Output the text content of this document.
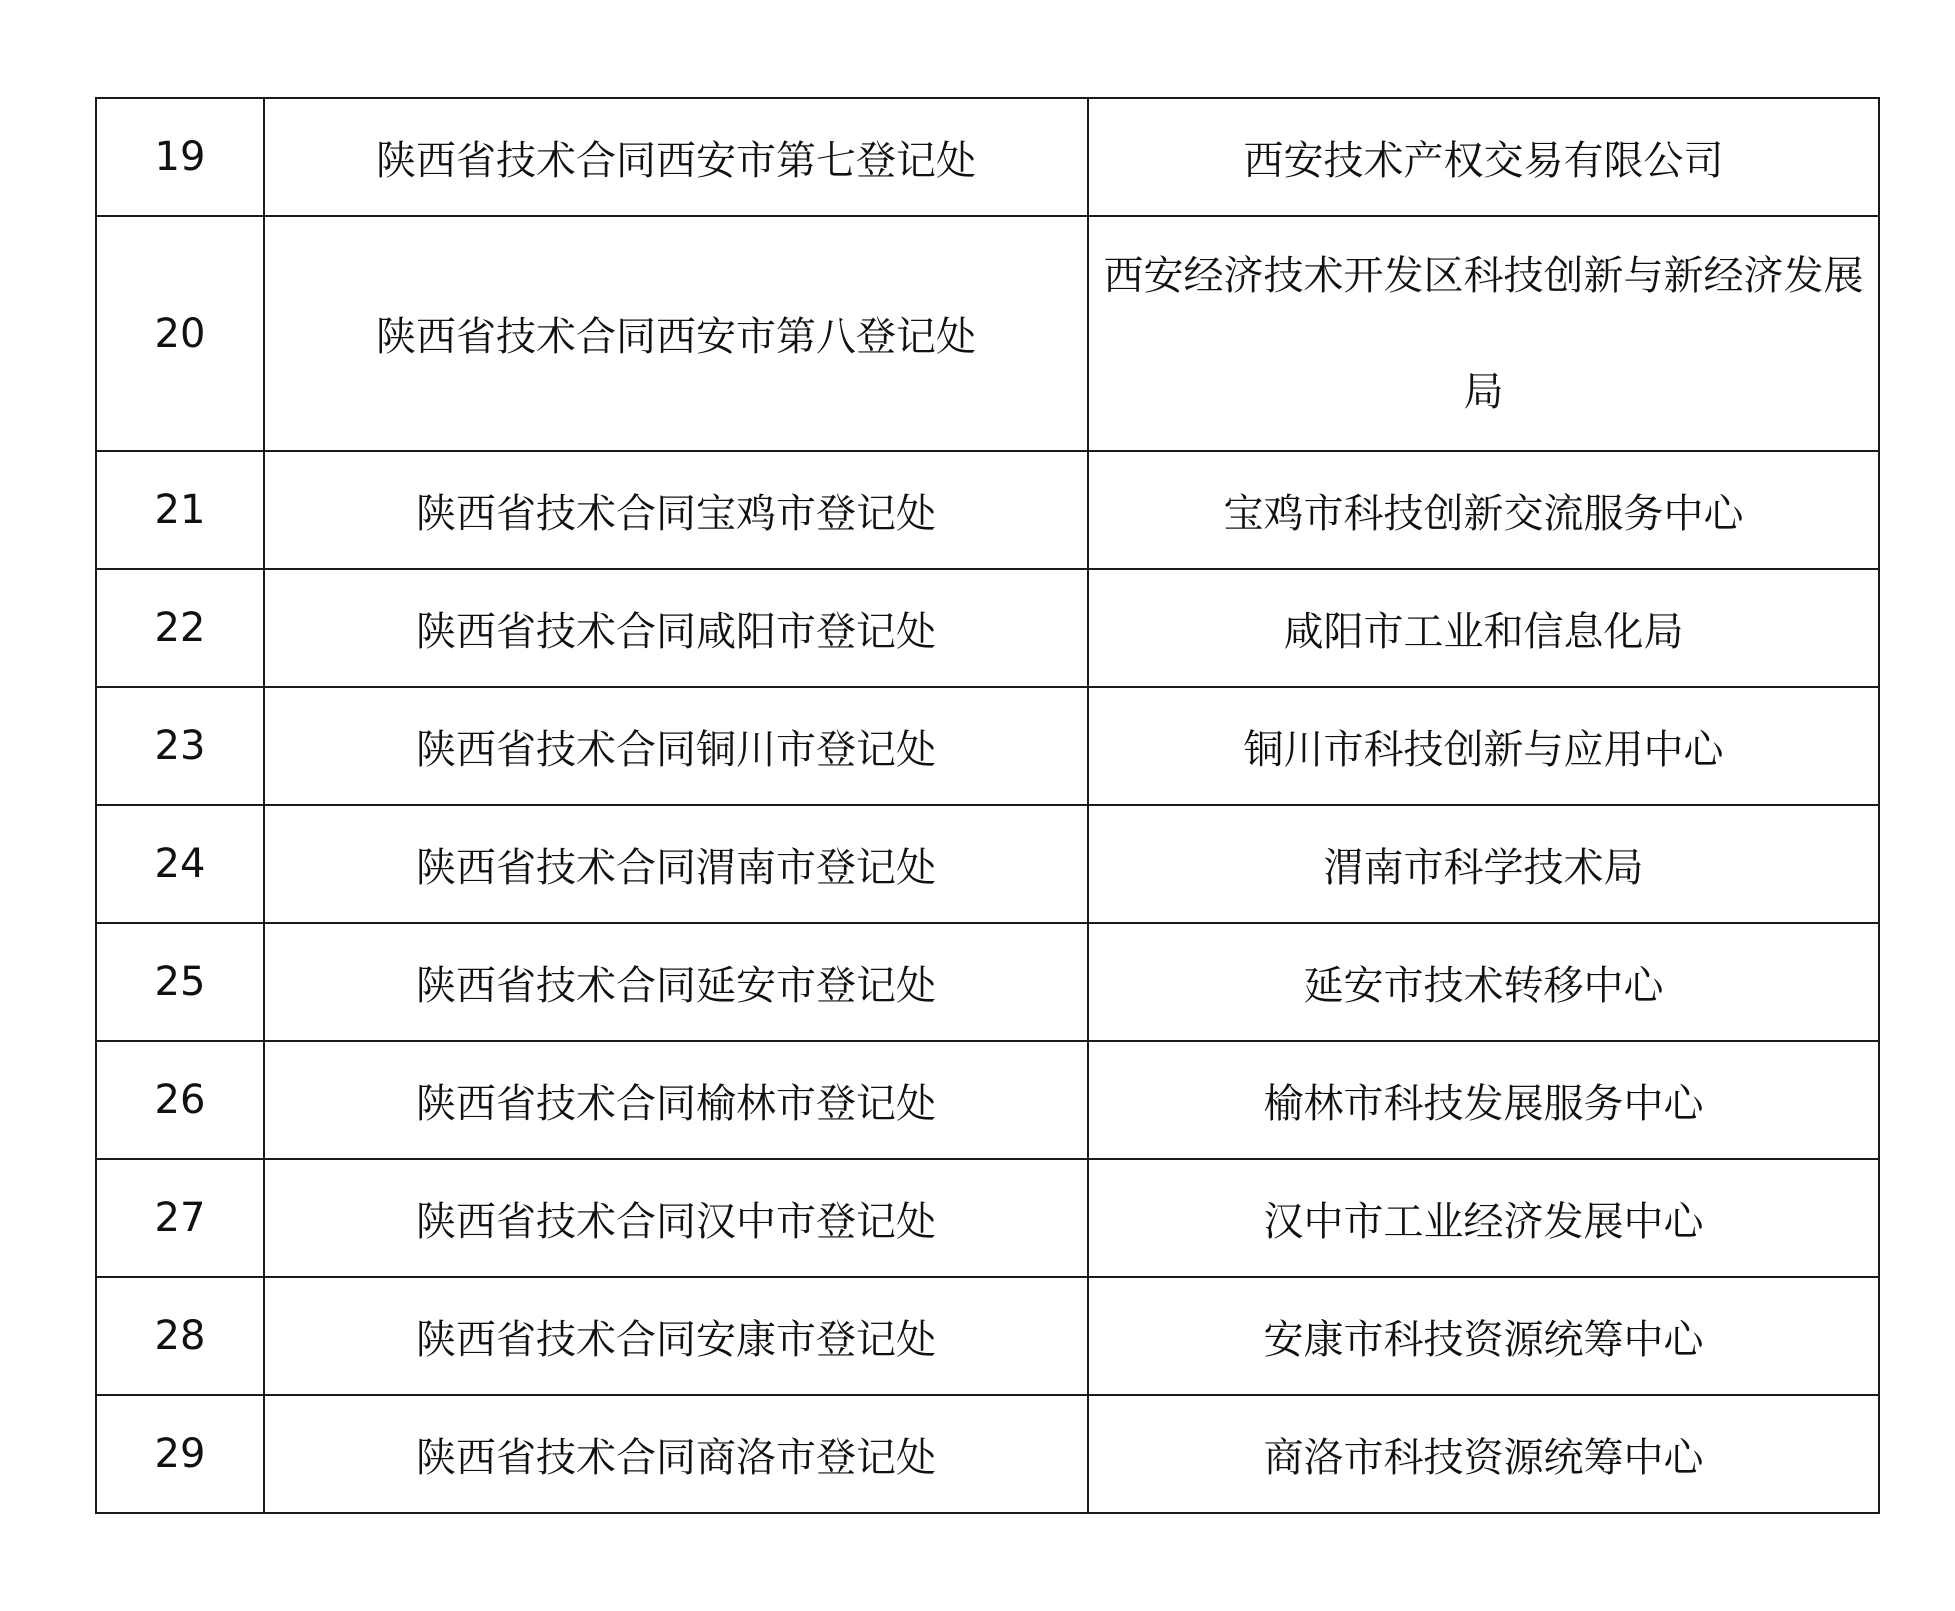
19	陕西省技术合同西安市第七登记处	西安技术产权交易有限公司
20	陕西省技术合同西安市第八登记处	西安经济技术开发区科技创新与新经济发展局
21	陕西省技术合同宝鸡市登记处	宝鸡市科技创新交流服务中心
22	陕西省技术合同咸阳市登记处	咸阳市工业和信息化局
23	陕西省技术合同铜川市登记处	铜川市科技创新与应用中心
24	陕西省技术合同渭南市登记处	渭南市科学技术局
25	陕西省技术合同延安市登记处	延安市技术转移中心
26	陕西省技术合同榆林市登记处	榆林市科技发展服务中心
27	陕西省技术合同汉中市登记处	汉中市工业经济发展中心
28	陕西省技术合同安康市登记处	安康市科技资源统筹中心
29	陕西省技术合同商洛市登记处	商洛市科技资源统筹中心
